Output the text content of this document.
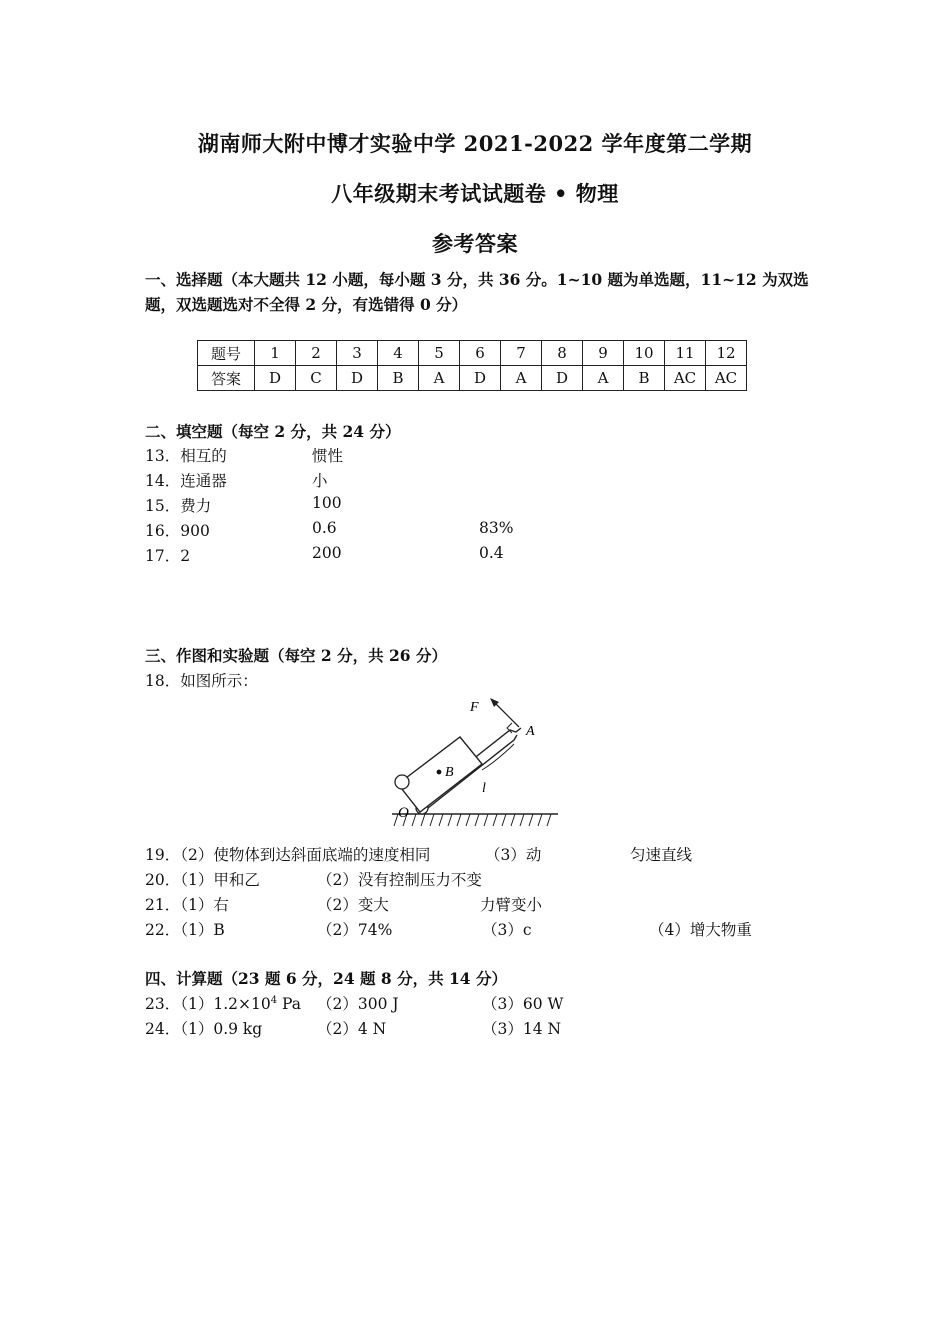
湖南师大附中博才实验中学 2021-2022 学年度第二学期
八年级期末考试试题卷 • 物理
参考答案
一、选择题（本大题共 12 小题，每小题 3 分，共 36 分。1~10 题为单选题，11~12 为双选
题，双选题选对不全得 2 分，有选错得 0 分）
题号	1	2	3	4	5	6	7	8	9	10	11	12
答案	D	C	D	B	A	D	A	D	A	B	AC	AC
二、填空题（每空 2 分，共 24 分）
13．相互的	惯性
14．连通器	小
15．费力	100
16．900	0.6	83%
17．2	200	0.4
三、作图和实验题（每空 2 分，共 26 分）
18．如图所示：
F
A
B
O
l
19．（2）使物体到达斜面底端的速度相同	（3）动	匀速直线
20．（1）甲和乙	（2）没有控制压力不变
21．（1）右	（2）变大	力臂变小
22．（1）B	（2）74%	（3）c	（4）增大物重
四、计算题（23 题 6 分，24 题 8 分，共 14 分）
23．$(1)1.2\times 10^4$ Pa （2）300 J	（3）60 W
24．（1）0.9 kg	（2）4 N	（3）14 N
